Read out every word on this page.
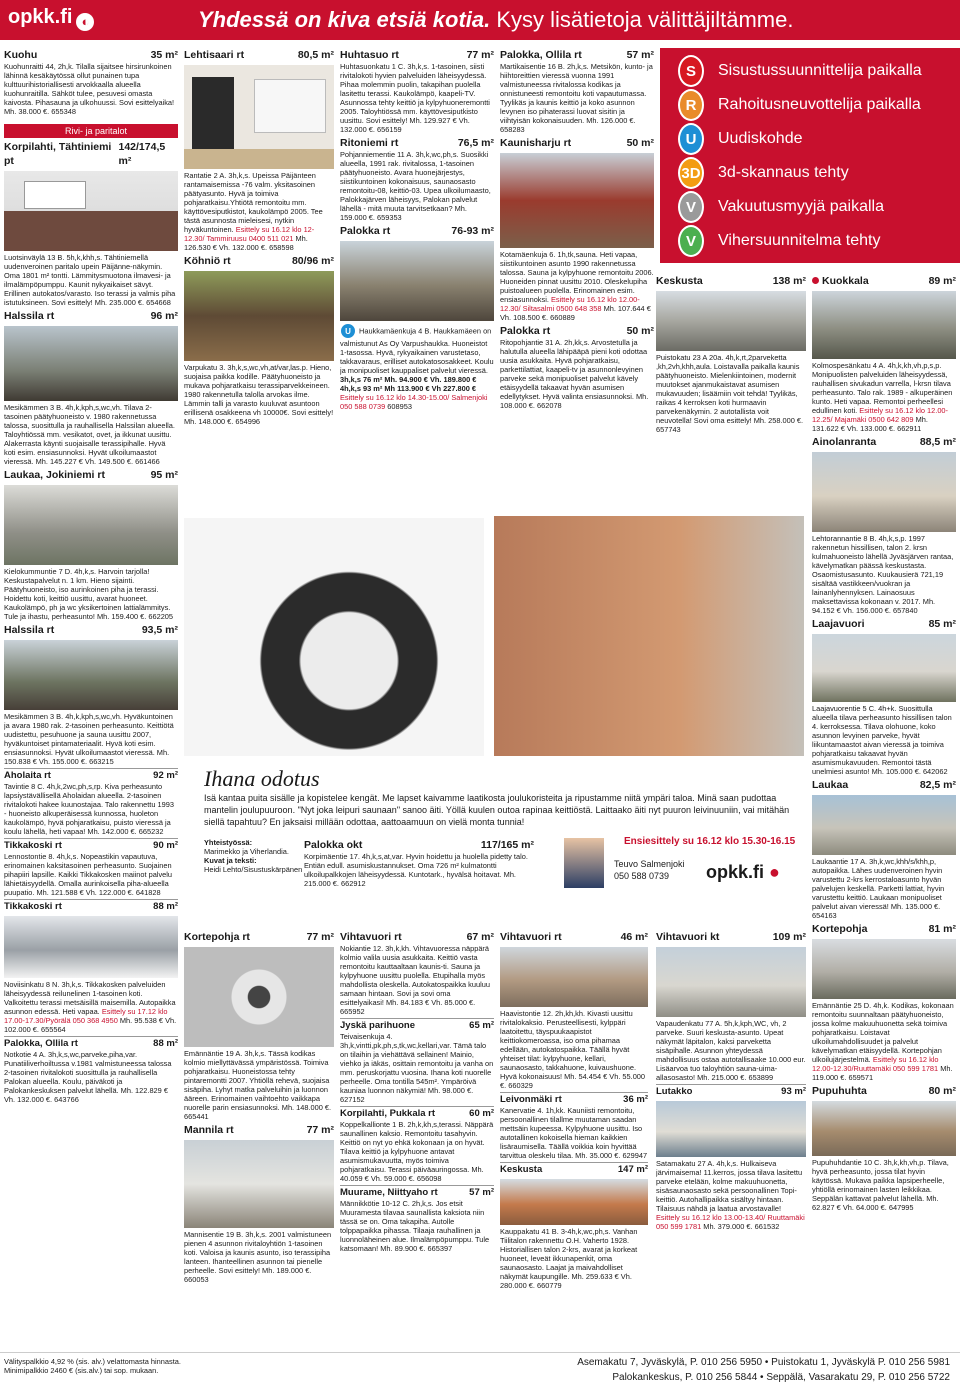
opkk.fi ◐	Yhdessä on kiva etsiä kotia. Kysy lisätietoja välittäjiltämme.
Kuohu	35 m²
Kuohunraitti 44, 2h,k. Tilalla sijaitsee hirsirunkoinen lähinnä kesäkäytössä ollut punainen tupa kulttuurihistoriallisesti arvokkaalla alueella kuohunraitilla. Sähköt tulee, pesuvesi omasta kaivosta. Pihasauna ja ulkohuussi. Sovi esittelyaika! Mh. 38.000 €. 655348
Rivi- ja paritalot
Korpilahti, Tähtiniemi pt
142/174,5 m²
Luotsinväylä 13 B. 5h,k,khh,s. Tähtiniemellä uudenveroinen paritalo upein Päijänne-näkymin. Oma 1801 m² tontti. Lämmitysmuotona ilmavesi- ja ilmalämpöpumppu. Kaunit nykyaikaiset sävyt. Erillinen autokatos/varasto. Iso terassi ja valmis piha istutuksineen. Sovi esittely! Mh. 235.000 €. 654668
Halssila rt	96 m²
Mesikämmen 3 B. 4h,k,kph,s,wc,vh. Tilava 2-tasoinen päätyhuoneisto v. 1980 rakennetussa talossa, suosittulla ja rauhallisella Halssilan alueella. Taloyhtiössä mm. vesikatot, ovet, ja ikkunat uusittu. Alakerrasta käynti suojaisalle terassipihalle. Hyvä koti esim. ensiasunnoksi. Hyvät ulkoilumaastot vieressä. Mh. 145.227 € Vh. 149.500 €. 661466
Laukaa, Jokiniemi rt	95 m²
Kielokummuntie 7 D. 4h,k,s. Harvoin tarjolla! Keskustapalvelut n. 1 km. Hieno sijainti. Päätyhuoneisto, iso aurinkoinen piha ja terassi. Hoidettu koti, keittiö uusittu, avarat huoneet. Kaukolämpö, ph ja wc yksikertoinen lattialämmitys. Tule ja ihastu, perheasunto! Mh. 159.400 €. 662205
Halssila rt	93,5 m²
Mesikämmen 3 B. 4h,k,kph,s,wc,vh. Hyväkuntoinen ja avara 1980 rak. 2-tasoinen perheasunto. Keittiötä uudistettu, pesuhuone ja sauna uusittu 2007, hyväkuntoiset pintamateriaalit. Hyvä koti esim. ensiasunnoksi. Hyvät ulkoilumaastot vieressä. Mh. 150.838 € Vh. 155.000 €. 663215
Aholaita rt	92 m²
Tavintie 8 C. 4h,k,2wc,ph,s,rp. Kiva perheasunto lapsiystävällisellä Aholaidan alueella. 2-tasoinen rivitalokoti hakee kuunostajaa. Talo rakennettu 1993 - huoneisto alkuperäisessä kunnossa, huoleton kaukolämpö, hyvä pohjaratkaisu, puisto vieressä ja koulu lähellä, heti vapaa! Mh. 142.000 €. 665232
Tikkakoski rt	90 m²
Lennostontie 8. 4h,k,s. Nopeastikin vapautuva, erinomainen kaksitasoinen perheasunto. Suojainen pihapiiri lapsille. Kaikki Tikkakosken maiinot palvelu lähietäisyydellä. Omalla aurinkoisella piha-alueella puupatio. Mh. 121.588 € Vh. 122.000 €. 641828
Tikkakoski rt	88 m²
Noviisinkatu 8 N. 3h,k,s. Tikkakosken palveluiden läheisyydessä reilunelinen 1-tasoinen koti. Valkoitettu terassi metsäisillä maisemilla. Autopaikka asunnon edessä. Heti vapaa. Esittely su 17.12 klo 17.00-17.30/Pyörälä 050 368 4950 Mh. 95.538 € Vh. 102.000 €. 655564
Palokka, Ollila rt	88 m²
Notkotie 4 A. 3h,k,s,wc,parveke,piha,var. Punatiiliverhoiltussa v.1981 valmistuneessa talossa 2-tasoinen rivitalokoti suosittulla ja rauhallisella Palokan alueella. Koulu, päiväkoti ja Palokankeskuksen palvelut lähellä. Mh. 122.829 € Vh. 132.000 €. 643766
Lehtisaari rt	80,5 m²
Rantatie 2 A. 3h,k,s. Upeissa Päijänteen rantamaisemissa -76 valm. yksitasoinen päätyasunto. Hyvä ja toimiva pohjaratkaisu.Yhtiötä remontoitu mm. käyttövesiputkistot, kaukolämpö 2005. Tee tästä asunnosta mieleisesi, nytkin hyväkuntoinen. Esittely su 16.12 klo 12-12.30/ Tammiruusu 0400 511 021 Mh. 126.530 € Vh. 132.000 €. 658598
Köhniö rt	80/96 m²
Varpukatu 3. 3h,k,s,wc,vh,at/var,las.p. Hieno, suojaisa paikka kodille. Päätyhuoneisto ja mukava pohjaratkaisu terassiparvekkeineen. 1980 rakennetulla talolla arvokas ilme. Lämmin talli ja varasto kuuluvat asuntoon erillisenä osakkeena vh 10000€. Sovi esittely! Mh. 148.000 €. 654996
Huhtasuo rt	77 m²
Huhtasuonkatu 1 C. 3h,k,s. 1-tasoinen, siisti rivitalokoti hyvien palveluiden läheisyydessä. Pihaa molemmin puolin, takapihan puolella lasitettu terassi. Kaukolämpö, kaapeli-TV. Asunnossa tehty keittiö ja kylpyhuoneremontti 2005. Taloyhtiössä mm. käyttövesiputkisto uusittu. Sovi esittely! Mh. 129.927 € Vh. 132.000 €. 656159
Ritoniemi rt	76,5 m²
Pohjanniementie 11 A. 3h,k,wc,ph,s. Suosikki alueella, 1991 rak. rivitalossa, 1-tasoinen päätyhuoneisto. Avara huonejärjestys, siistikuntoinen kokonaisuus, saunaosasto remontoitu-08, keittiö-03. Upea ulkoilumaasto, Palokkajärven läheisyys, Palokan palvelut lähellä - mitä muuta tarvitsetkaan? Mh. 159.000 €. 659353
Palokka rt	76-93 m²
U Haukkamäenkuja 4 B. Haukkamäeen on valmistunut As Oy Varpushaukka. Huoneistot 1-tasossa. Hyvä, rykyaikainen varustetaso, takkavaraus, erilliset autokatososakkeet. Koulu ja monipuoliset kauppaliset palvelut vieressä.
3h,k,s 76 m² Mh. 94.900 € Vh. 189.800 €
4h,k,s 93 m² Mh 113.900 € Vh 227.800 €
Esittely su 16.12 klo 14.30-15.00/ Salmenjoki 050 588 0739 608953
Palokka, Ollila rt	57 m²
Martikaisentie 16 B. 2h,k,s. Metsikön, kunto- ja hiihtoreittien vieressä vuonna 1991 valmistuneessa rivitalossa kodikas ja onnistuneesti remontoitu koti vapautumassa. Tyylikäs ja kaunis keittiö ja koko asunnon levynen iso pihaterassi luovat sisitin ja viihtyisän kokonaisuuden. Mh. 126.000 €. 658283
Kaunisharju rt	50 m²
Kotamäenkuja 6. 1h,tk,sauna. Heti vapaa, siistikuntoinen asunto 1990 rakennetussa talossa. Sauna ja kylpyhuone remontoitu 2006. Huoneiden pinnat uusittu 2010. Oleskelupiha puistoalueen puolella. Erinomainen esim. ensiasunnoksi. Esittely su 16.12 klo 12.00-12.30/ Siltasalmi 0500 648 358 Mh. 107.644 € Vh. 108.500 €. 660889
Palokka rt	50 m²
Ritopohjantie 31 A. 2h,kk,s. Arvostetulla ja halutulla alueella lähipääpä pieni koti odottaa uusia asukkaita. Hyvä pohjaratkaisu, parkettilattiat, kaapeli-tv ja asunnonlevyinen parveke sekä monipuoliset palvelut kävely etäisyydellä takaavat hyvän asumisen edellytykset. Hyvä valinta ensiasunnoksi. Mh. 108.000 €. 662078
S	Sisustussuunnittelija paikalla
R	Rahoitusneuvottelija paikalla
U	Uudiskohde
3D 3d-skannaus tehty
V	Vakuutusmyyjä paikalla
V	Vihersuunnitelma tehty
Keskusta	138 m²
Puistokatu 23 A 20a. 4h,k,rt,2parveketta ,kh,2vh,khh,aula. Loistavalla paikalla kaunis päätyhuoneisto. Mielenkiintoinen, modernit muutokset ajanmukaistavat asumisen mukavuuden; lisäämiin voit tehdä! Tyylikäs, raikas 4 kerroksen koti hurmaavin parvekenäkymin. 2 autotallista voit neuvotella! Sovi oma esittely! Mh. 258.000 €. 657743
Kuokkala	89 m²
Kolmospesänkatu 4 A. 4h,k,kh,vh,p,s,p. Monipuolisten palveluiden läheisyydessä, rauhallisen sivukadun varrella, l-krsn tilava perheasunto. Talo rak. 1989 - alkuperäinen kunto. Heti vapaa. Remontoi perheellesi edullinen koti. Esittely su 16.12 klo 12.00-12.25/ Majamäki 0500 642 809 Mh. 131.622 € Vh. 133.000 €. 662911
Ainolanranta	88,5 m²
Lehtorannantie 8 B. 4h,k,s,p. 1997 rakennetun hissillisen, talon 2. krsn kulmahuoneisto lähellä Jyväsjärven rantaa, kävelymatkan päässä keskustasta. Osaomistusasunto. Kuukausierä 721,19 sisältää vastikkeen/vuokran ja lainanlyhennyksen. Lainaosuus maksettavissa kokonaan v. 2017. Mh. 94.152 € Vh. 156.000 €. 657840
Laajavuori	85 m²
Laajavuorentie 5 C. 4h+k. Suosittulla alueella tilava perheasunto hissillisen talon 4. kerroksessa. Tilava olohuone, koko asunnon levyinen parveke, hyvät liikuntamaastot aivan vieressä ja toimiva pohjaratkaisu takaavat hyvän asumismukavuuden. Remontoi tästä unelmiesi asunto! Mh. 105.000 €. 642062
Laukaa	82,5 m²
Laukaantie 17 A. 3h,k,wc,khh/s/khh,p, autopaikka. Lähes uudenveroinen hyvin varustettu 2-krs kerrostaloasunto hyvän palvelujen keskellä. Parketti lattiat, hyvin varustettu keittiö. Laukaan monipuoliset palvelut aivan vieressä! Mh. 135.000 €. 654163
Kortepohja	81 m²
Emännäntie 25 D. 4h,k. Kodikas, kokonaan remontoitu suunnaltaan päätyhuoneisto, jossa kolme makuuhuonetta sekä toimiva pohjaratkaisu. Loistavat ulkoilumahdollisuudet ja palvelut kävelymatkan etäisyydellä. Kortepohjan ulkoilujärjestelmä. Esittely su 16.12 klo 12.00-12.30/Ruuttamäki 050 599 1781 Mh. 119.000 €. 659571
Pupuhuhta	80 m²
Pupuhuhdantie 10 C. 3h,k,kh,vh,p. Tilava, hyvä perheasunto, jossa tilat hyvin käytössä. Mukava paikka lapsiperheelle, yhtiöllä erinomainen lasten leikkikaa. Seppälän kattavat palvelut lähellä. Mh. 62.827 € Vh. 64.000 €. 647995
Ihana odotus
Isä kantaa puita sisälle ja kopistelee kengät. Me lapset kaivamme laatikosta joulukoristeita ja ripustamme niitä ympäri taloa. Minä saan pudottaa mantelin joulupuuroon. "Nyt joka leipuri saunaan" sanoo äiti. Yöllä kuulen outoa rapinaa keittiöstä. Laittaako äiti nyt puuron leivinuuniin, vai mitähän siellä tapahtuu? En jaksaisi millään odottaa, aattoaamuun on vielä monta tunnia!
Yhteistyössä:
Marimekko ja Viherlandia.
Kuvat ja teksti:
Heidi Lehto/Sisustuskärpänen
Palokka okt	117/165 m²
Korpimäentie 17. 4h,k,s,at,var. Hyvin hoidettu ja huolella pidetty talo. Entiän edull. asumiskustannukset. Oma 726 m² kulmatontti ulkoilupalkkojen läheisyydessä. Kuntotark., hyvälsä hoitavat. Mh. 215.000 €. 662912
Ensiesittely su 16.12 klo 15.30-16.15
Teuvo Salmenjoki
050 588 0739	opkk.fi ●
Kortepohja rt	77 m²
Emännäntie 19 A. 3h,k,s. Tässä kodikas kolmio miellyttävässä ympäristössä. Toimiva pohjaratkaisu. Huoneistossa tehty pintaremontti 2007. Yhtiöllä rehevä, suojaisa sisäpiha. Lyhyt matka palveluihin ja luonnon ääreen. Erinomainen vaihtoehto vaikkapa nuorelle parin ensiasunnoksi. Mh. 148.000 €. 665441
Mannila rt	77 m²
Mannisentie 19 B. 3h,k,s. 2001 valmistuneen pienen 4 asunnon rivitaloyhtiön 1-tasoinen koti. Valoisa ja kaunis asunto, iso terassipiha lanteen. Ihanteellinen asunnon tai pienelle perheelle. Sovi esittely! Mh. 189.000 €. 660053
Vihtavuori rt	67 m²
Nokiantie 12. 3h,k,kh. Vihtavuoressa näppärä kolmio valila uusia asukkaita. Keittiö vasta remontoitu kauttaaltaan kaunis-ti. Sauna ja kylpyhuone uusittu puolella. Etupihalla myös mahdollista oleskella. Autokatospaikka kuuluu samaan hintaan. Sovi ja sovi oma esittelyaikasi! Mh. 84.183 € Vh. 85.000 €. 665952
Jyskä parihuone	65 m²
Teivaisenkuja 4. 3h,k,vintti,pk,ph,s,tk,wc,kellari,var. Tämä talo on tilaihin ja viehättävä sellainen! Mainio, viehko ja iäkäs, osittain remontoitu ja vanha on mm. peruskorjattu vuosina. Ihana koti nuorelle perheelle. Oma tontilla 545m². Ympäröivä kauniaa luonnon näkymiä! Mh. 98.000 €. 627152
Korpilahti, Pukkala rt	60 m²
Koppelkallionte 1 B. 2h,k,kh,s,terassi. Näppärä saunallinen kaksio. Remontoitu tasahyvin. Keittiö on nyt yo ehkä kokonaan ja on hyvät. Tilava keittiö ja kylpyhuone antavat asumismukavuutta, myös toimiva pohjaratkaisu. Terassi päiväauringossa. Mh. 40.059 € Vh. 59.000 €. 656098
Muurame, Niittyaho rt	57 m²
Männikkötie 10-12 C. 2h,k,s. Jos etsit Muuramesta tilavaa saunallista kaksiota niin tässä se on. Oma takapiha. Autolle tolppapaikka pihassa. Tilaaja rauhallinen ja luonnoläheinen alue. Ilmalämpöpumppu. Tule katsomaan! Mh. 89.900 €. 665397
Vihtavuori rt	46 m²
Haavistontie 12. 2h,kh,kh. Kivasti uusittu rivitalokaksio. Perusteellisesti, kylppäri laatoitettu, täyspuukaapistot keittiokomeroassa, iso oma pihamaa edellään, autokatospaikka. Täällä hyvät yhteiset tilat: kylpyhuone, kellari, saunaosasto, takkahuone, kuivaushuone. Hyvä kokonaisuus! Mh. 54.454 € Vh. 55.000 €. 660329
Leivonmäki rt	36 m²
Kanervatie 4. 1h,kk. Kauniisti remontoitu, persoonallinen tilallme muutaman saadan mettsäin kupeessa. Kylpyhuone uusittu. Iso autotallinen kokoisella hieman kaikkien lisäraumisella. Täällä voikkia koin hyvittää tarvittua oleskelu tilaa. Mh. 35.000 €. 629947
Keskusta	147 m²
Kauppakatu 41 B. 3-4h,k,wc,ph,s. Vanhan Tiilitalon rakennettu O.H. Vaherto 1928. Historiallisen talon 2-krs, avarat ja korkeat huoneet, leveät ikkunapenkit, oma saunaosasto. Laajat ja maivahdolliset näkymät kaupungille. Mh. 259.633 € Vh. 280.000 €. 660779
Vihtavuori kt	109 m²
Vapaudenkatu 77 A. 5h,k,kph,WC, vh, 2 parveke. Suuri keskusta-asunto. Upeat näkymät läpitalon, kaksi parveketta sisäpihalle. Asunnon yhteydessä mahdollisuus ostaa autotallisaake 10.000 eur. Lisäarvoa tuo taloyhtiön sauna-uima-allasosasto! Mh. 215.000 €. 653899
Lutakko	93 m²
Satamakatu 27 A. 4h,k,s. Hulkaiseva järvimaisema! 11.kerros, jossa tilava lasitettu parveke etelään, kolme makuuhuonetta, sisäsaunaosasto sekä persoonallinen Topi-keittiö. Autohallipaikka sisältyy hintaan. Tilaisuus nähdä ja laatua arvostavalle! Esittely su 16.12 klo 13.00-13.40/ Ruuttamäki 050 599 1781 Mh. 379.000 €. 661532
Välityspalkkio 4,92 % (sis. alv.) velattomasta hinnasta.
Minimipalkkio 2460 € (sis.alv.) tai sop. mukaan.
Asemakatu 7, Jyväskylä, P. 010 256 5950 • Puistokatu 1, Jyväskylä P. 010 256 5981
Palokankeskus, P. 010 256 5844 • Seppälä, Vasarakatu 29, P. 010 256 5722
